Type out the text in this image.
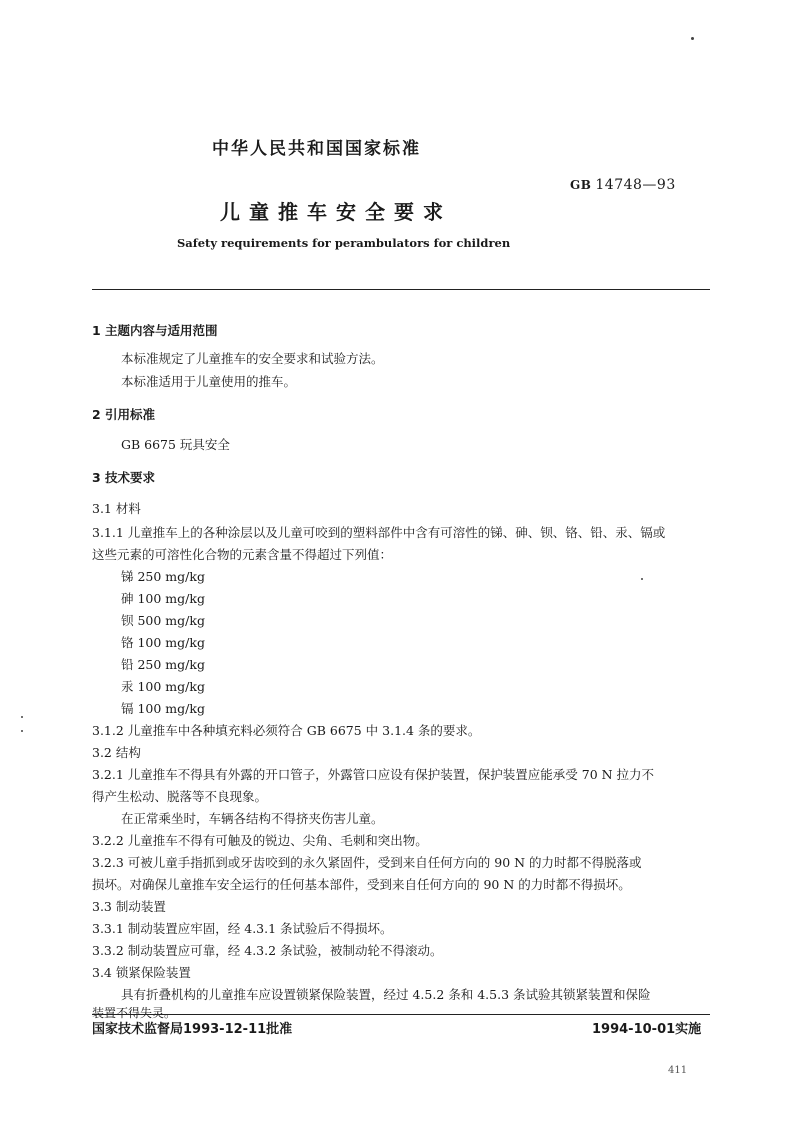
中华人民共和国国家标准
GB 14748—93
儿童推车安全要求
Safety requirements for perambulators for children
1 主题内容与适用范围
本标准规定了儿童推车的安全要求和试验方法。
本标准适用于儿童使用的推车。
2 引用标准
GB 6675 玩具安全
3 技术要求
3.1 材料
3.1.1 儿童推车上的各种涂层以及儿童可咬到的塑料部件中含有可溶性的锑、砷、钡、铬、铅、汞、镉或
这些元素的可溶性化合物的元素含量不得超过下列值：
锑 250 mg/kg
砷 100 mg/kg
钡 500 mg/kg
铬 100 mg/kg
铅 250 mg/kg
汞 100 mg/kg
镉 100 mg/kg
3.1.2 儿童推车中各种填充料必须符合 GB 6675 中 3.1.4 条的要求。
3.2 结构
3.2.1 儿童推车不得具有外露的开口管子，外露管口应设有保护装置，保护装置应能承受 70 N 拉力不
得产生松动、脱落等不良现象。
在正常乘坐时，车辆各结构不得挤夹伤害儿童。
3.2.2 儿童推车不得有可触及的锐边、尖角、毛刺和突出物。
3.2.3 可被儿童手指抓到或牙齿咬到的永久紧固件，受到来自任何方向的 90 N 的力时都不得脱落或
损坏。对确保儿童推车安全运行的任何基本部件，受到来自任何方向的 90 N 的力时都不得损坏。
3.3 制动装置
3.3.1 制动装置应牢固，经 4.3.1 条试验后不得损坏。
3.3.2 制动装置应可靠，经 4.3.2 条试验，被制动轮不得滚动。
3.4 锁紧保险装置
具有折叠机构的儿童推车应设置锁紧保险装置，经过 4.5.2 条和 4.5.3 条试验其锁紧装置和保险
装置不得失灵。
国家技术监督局1993-12-11批准	1994-10-01实施
411
